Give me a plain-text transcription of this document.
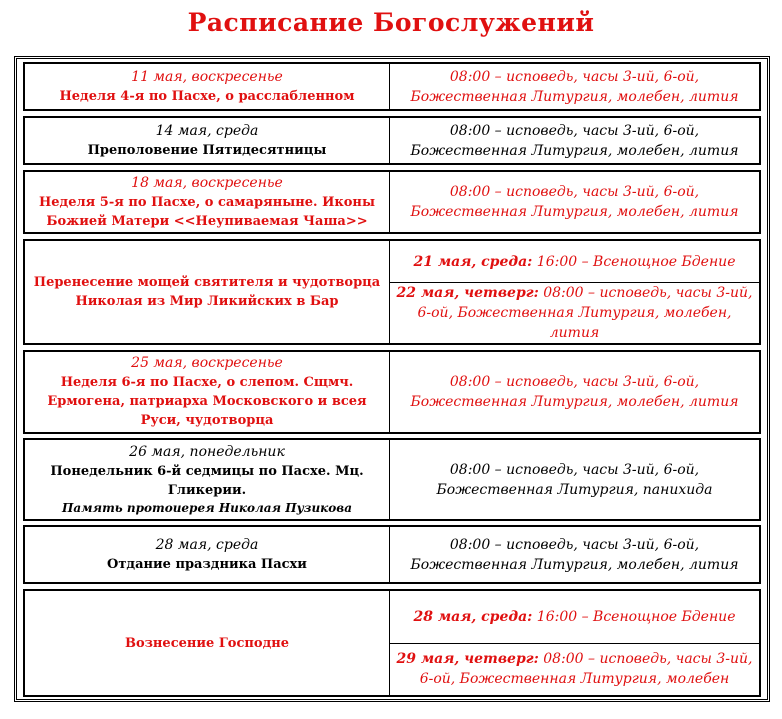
Расписание Богослужений
11 мая, воскресенье
Неделя 4-я по Пасхе, о расслабленном
08:00 – исповедь, часы 3-ий, 6-ой, Божественная Литургия, молебен, лития
14 мая, среда
Преполовение Пятидесятницы
08:00 – исповедь, часы 3-ий, 6-ой, Божественная Литургия, молебен, лития
18 мая, воскресенье
Неделя 5-я по Пасхе, о самаряныне. Иконы Божией Матери <<Неупиваемая Чаша>>
08:00 – исповедь, часы 3-ий, 6-ой, Божественная Литургия, молебен, лития
Перенесение мощей святителя и чудотворца Николая из Мир Ликийских в Бар
21 мая, среда: 16:00 – Всенощное Бдение
22 мая, четверг: 08:00 – исповедь, часы 3-ий, 6-ой, Божественная Литургия, молебен, лития
25 мая, воскресенье
Неделя 6-я по Пасхе, о слепом. Сщмч. Ермогена, патриарха Московского и всея Руси, чудотворца
08:00 – исповедь, часы 3-ий, 6-ой, Божественная Литургия, молебен, лития
26 мая, понедельник
Понедельник 6-й седмицы по Пасхе. Мц. Гликерии.
Память протоиерея Николая Пузикова
08:00 – исповедь, часы 3-ий, 6-ой, Божественная Литургия, панихида
28 мая, среда
Отдание праздника Пасхи
08:00 – исповедь, часы 3-ий, 6-ой, Божественная Литургия, молебен, лития
Вознесение Господне
28 мая, среда: 16:00 – Всенощное Бдение
29 мая, четверг: 08:00 – исповедь, часы 3-ий, 6-ой, Божественная Литургия, молебен
